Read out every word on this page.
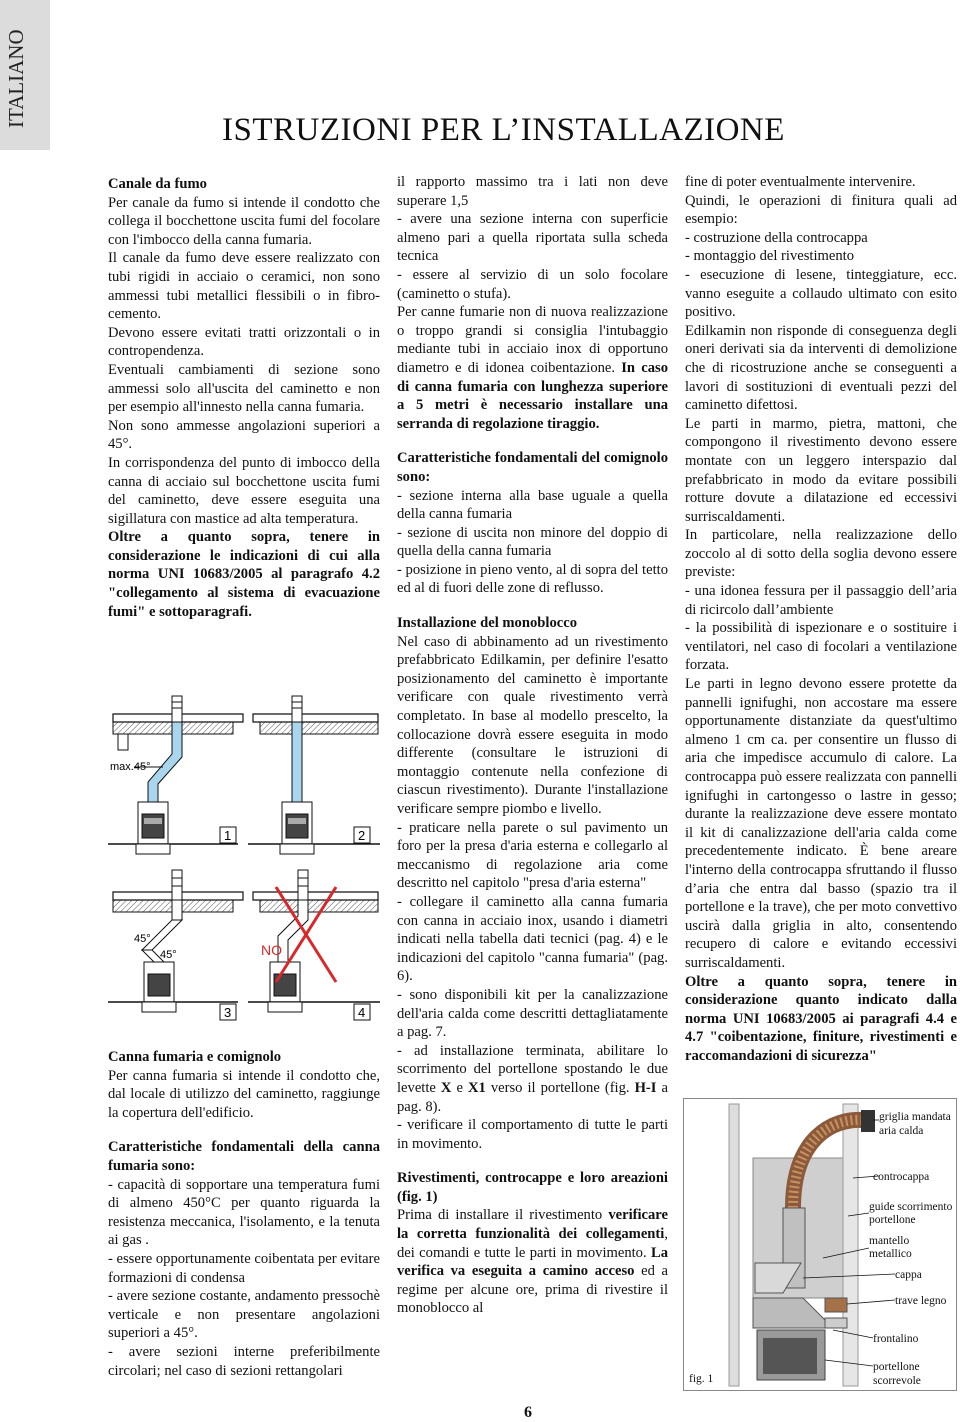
ITALIANO
ISTRUZIONI PER L’INSTALLAZIONE

Canale da fumo

Per canale da fumo si intende il condotto che collega il bocchettone uscita fumi del focolare con l'imbocco della canna fumaria.

Il canale da fumo deve essere realizzato con tubi rigidi in acciaio o ceramici, non sono ammessi tubi metallici flessibili o in fibro-cemento.

Devono essere evitati tratti orizzontali o in contropendenza.

Eventuali cambiamenti di sezione sono ammessi solo all'uscita del caminetto e non per esempio all'innesto nella canna fumaria.

Non sono ammesse angolazioni superiori a 45°.

In corrispondenza del punto di imbocco della canna di acciaio sul bocchettone uscita fumi del caminetto, deve essere eseguita una sigillatura con mastice ad alta temperatura.

Oltre a quanto sopra, tenere in considerazione le indicazioni di cui alla norma UNI 10683/2005 al paragrafo 4.2 "collegamento al sistema di evacuazione fumi" e sottoparagrafi.

max.45°
1	2
45°
45°
3
NO
4

Canna fumaria e comignolo

Per canna fumaria si intende il condotto che, dal locale di utilizzo del caminetto, raggiunge la copertura dell'edificio.

Caratteristiche fondamentali della canna fumaria sono:

- capacità di sopportare una temperatura fumi di almeno 450°C per quanto riguarda la resistenza meccanica, l'isolamento, e la tenuta ai gas .

- essere opportunamente coibentata per evitare formazioni di condensa

- avere sezione costante, andamento pressochè verticale e non presentare angolazioni superiori a 45°.

- avere sezioni interne preferibilmente circolari; nel caso di sezioni rettangolari

il rapporto massimo tra i lati non deve superare 1,5

- avere una sezione interna con superficie almeno pari a quella riportata sulla scheda tecnica

- essere al servizio di un solo focolare (caminetto o stufa).

Per canne fumarie non di nuova realizzazione o troppo grandi si consiglia l'intubaggio mediante tubi in acciaio inox di opportuno diametro e di idonea coibentazione. In caso di canna fumaria con lunghezza superiore a 5 metri è necessario installare una serranda di regolazione tiraggio.

Caratteristiche fondamentali del comignolo sono:

- sezione interna alla base uguale a quella della canna fumaria

- sezione di uscita non minore del doppio di quella della canna fumaria

- posizione in pieno vento, al di sopra del tetto ed al di fuori delle zone di reflusso.

Installazione del monoblocco

Nel caso di abbinamento ad un rivestimento prefabbricato Edilkamin, per definire l'esatto posizionamento del caminetto è importante verificare con quale rivestimento verrà completato. In base al modello prescelto, la collocazione dovrà essere eseguita in modo differente (consultare le istruzioni di montaggio contenute nella confezione di ciascun rivestimento). Durante l'installazione verificare sempre piombo e livello.

- praticare nella parete o sul pavimento un foro per la presa d'aria esterna e collegarlo al meccanismo di regolazione aria come descritto nel capitolo "presa d'aria esterna"

- collegare il caminetto alla canna fumaria con canna in acciaio inox, usando i diametri indicati nella tabella dati tecnici (pag. 4) e le indicazioni del capitolo "canna fumaria" (pag. 6).

- sono disponibili kit per la canalizzazione dell'aria calda come descritti dettagliatamente a pag. 7.

- ad installazione terminata, abilitare lo scorrimento del portellone spostando le due levette X e X1 verso il portellone (fig. H-I a pag. 8).

- verificare il comportamento di tutte le parti in movimento.

Rivestimenti, controcappe e loro areazioni (fig. 1)

Prima di installare il rivestimento verificare la corretta funzionalità dei collegamenti, dei comandi e tutte le parti in movimento. La verifica va eseguita a camino acceso ed a regime per alcune ore, prima di rivestire il monoblocco al

fine di poter eventualmente intervenire.

Quindi, le operazioni di finitura quali ad esempio:

- costruzione della controcappa

- montaggio del rivestimento

- esecuzione di lesene, tinteggiature, ecc. vanno eseguite a collaudo ultimato con esito positivo.

Edilkamin non risponde di conseguenza degli oneri derivati sia da interventi di demolizione che di ricostruzione anche se conseguenti a lavori di sostituzioni di eventuali pezzi del caminetto difettosi.

Le parti in marmo, pietra, mattoni, che compongono il rivestimento devono essere montate con un leggero interspazio dal prefabbricato in modo da evitare possibili rotture dovute a dilatazione ed eccessivi surriscaldamenti.

In particolare, nella realizzazione dello zoccolo al di sotto della soglia devono essere previste:

- una idonea fessura per il passaggio dell’aria di ricircolo dall’ambiente

- la possibilità di ispezionare e o sostituire i ventilatori, nel caso di focolari a ventilazione forzata.

Le parti in legno devono essere protette da pannelli ignifughi, non accostare ma essere opportunamente distanziate da quest'ultimo almeno 1 cm ca. per consentire un flusso di aria che impedisce accumulo di calore. La controcappa può essere realizzata con pannelli ignifughi in cartongesso o lastre in gesso; durante la realizzazione deve essere montato il kit di canalizzazione dell'aria calda come precedentemente indicato. È bene areare l'interno della controcappa sfruttando il flusso d’aria che entra dal basso (spazio tra il portellone e la trave), che per moto convettivo uscirà dalla griglia in alto, consentendo recupero di calore e evitando eccessivi surriscaldamenti.

Oltre a quanto sopra, tenere in considerazione quanto indicato dalla norma UNI 10683/2005 ai paragrafi 4.4 e 4.7 "coibentazione, finiture, rivestimenti e raccomandazioni di sicurezza"

griglia mandata
aria calda
controcappa
guide scorrimento
portellone
mantello
metallico
cappa
trave legno
frontalino
portellone
scorrevole
fig. 1
6
